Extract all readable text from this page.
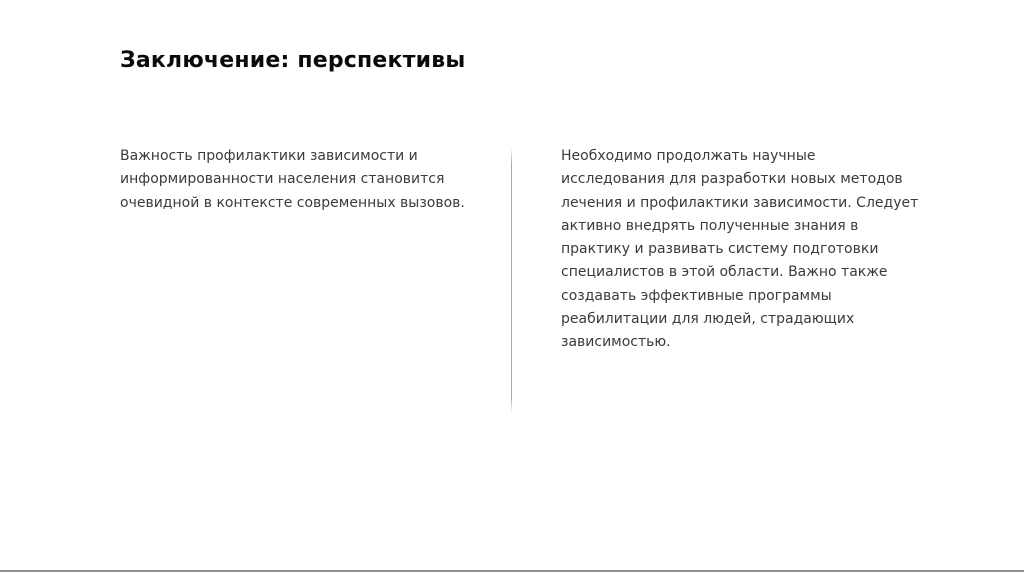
Заключение: перспективы

Важность профилактики зависимости и информированности населения становится очевидной в контексте современных вызовов.

Необходимо продолжать научные исследования для разработки новых методов лечения и профилактики зависимости. Следует активно внедрять полученные знания в практику и развивать систему подготовки специалистов в этой области. Важно также создавать эффективные программы реабилитации для людей, страдающих зависимостью.
